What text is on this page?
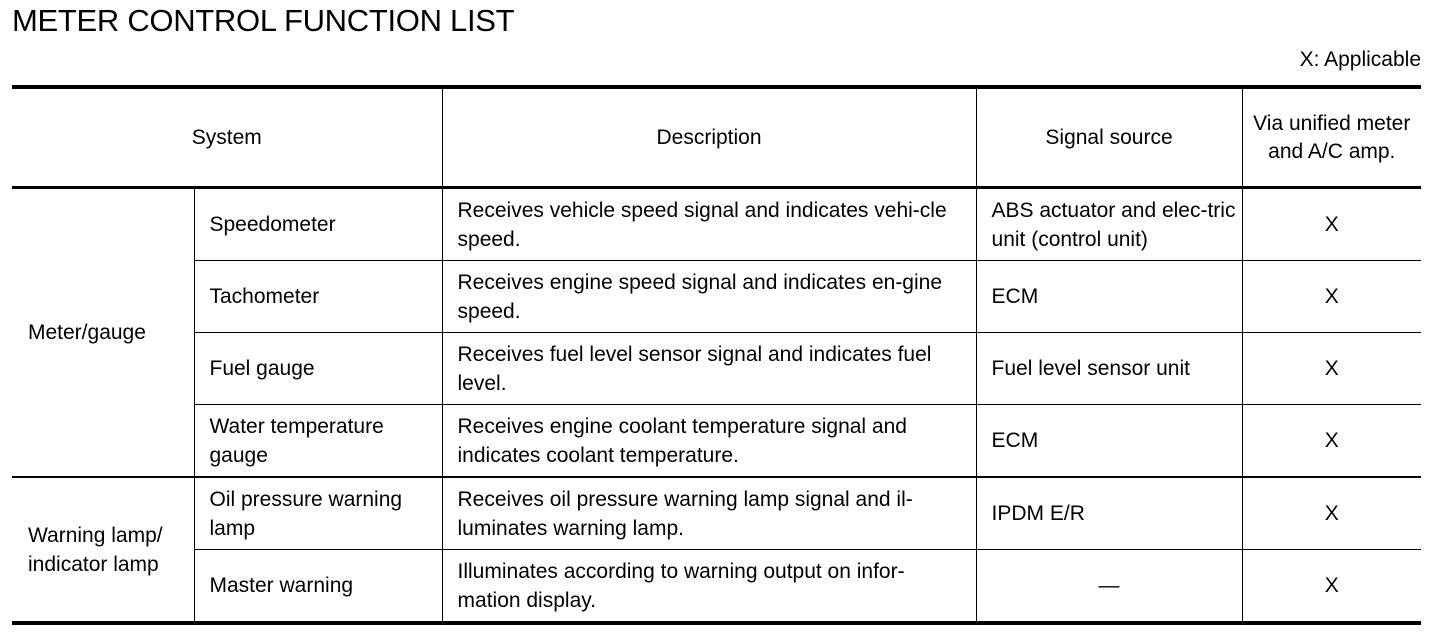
METER CONTROL FUNCTION LIST
X: Applicable
System		Description	Signal source	Via unified meter and A/C amp.
Meter/gauge	Speedometer	Receives vehicle speed signal and indicates vehi-cle speed.	ABS actuator and elec-tric unit (control unit)	X
	Tachometer	Receives engine speed signal and indicates en-gine speed.	ECM	X
	Fuel gauge	Receives fuel level sensor signal and indicates fuel level.	Fuel level sensor unit	X
	Water temperature gauge	Receives engine coolant temperature signal and indicates coolant temperature.	ECM	X
Warning lamp/ indicator lamp	Oil pressure warning lamp	Receives oil pressure warning lamp signal and il-luminates warning lamp.	IPDM E/R	X
	Master warning	Illuminates according to warning output on infor-mation display.	—	X
